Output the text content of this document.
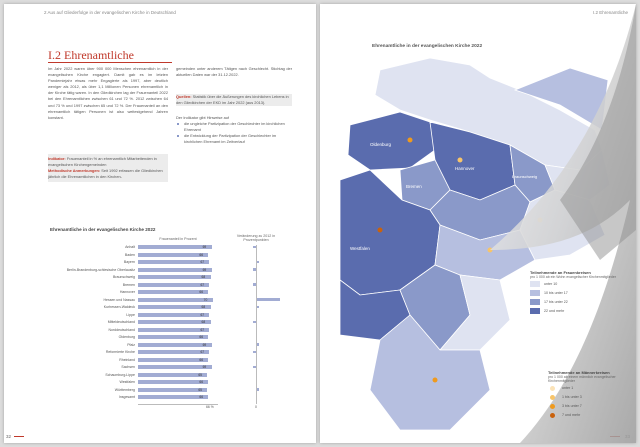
2 Aus auf Gliederfolge in der evangelischen Kirche in Deutschland
I.2 Ehrenamtliche
Im Jahr 2022 waren über 900 000 Menschen ehrenamtlich in der evangelischen Kirche engagiert. Damit gab es im letzten Pandemiejahr etwas mehr Engagierte als 1997, aber deutlich weniger als 2012, als über 1,1 Millionen Personen ehrenamtlich in der Kirche tätig waren. In den Gliedkirchen lag der Frauenanteil 2022 bei den Ehrenamtlichen zwischen 61 und 72 %. 2012 zwischen 64 und 73 % und 1997 zwischen 65 und 72 %. Der Frauenanteil an den ehrenamtlich tätigen Personen ist also weitestgehend Jahren konstant.
Indikator: Frauenanteil in % an ehrenamtlich Mitarbeitenden in evangelischen Kirchengemeinden
Methodische Anmerkungen: Seit 1992 erfassen die Gliedkirchen jährlich die Ehrenamtlichen in den Kirchen-
gemeinden unter anderem Tätigen nach Geschlecht. Stichtag der aktuellen Daten war der 31.12.2022.
Quellen: Statistik über die Äußerungen des kirchlichen Lebens in den Gliedkirchen der EKD im Jahr 2022 (aus 2013).
Der Indikator gibt Hinweise auf
die ungleiche Partizipation der Geschlechter im kirchlichen Ehrenamt
die Entwicklung der Partizipation der Geschlechter im kirchlichen Ehrenamt im Zeitverlauf
32
Ehrenamtliche in der evangelischen Kirche 2022
Frauenanteil in Prozent
Veränderung zu 2012 in Prozentpunkten
Anhalt	69
Baden	66
Bayern	67
Berlin-Brandenburg-schlesische Oberlausitz	69
Braunschweig	68
Bremen	67
Hannover	66
Hessen und Nassau	70
Kurhessen-Waldeck	68
Lippe	67
Mitteldeutschland	68
Norddeutschland	67
Oldenburg	66
Pfalz	69
Reformierte Kirche	67
Rheinland	66
Sachsen	69
Schaumburg-Lippe	65
Westfalen	66
Württemberg	65
Insgesamt	66
66 %	0
I.2 Ehrenamtliche
Ehrenamtliche in der evangelischen Kirche 2022
Oldenburg
Hannover
Bremen
Braunschweig
Westfalen
Teilnehmende an Frauenkreisen
pro 1 000 ab ein Wohn evangelischer Kirchenmitglieder
unter 10
10 bis unter 17
17 bis unter 22
22 und mehr
Teilnehmende an Männerkreisen
pro 1 000 ab einem männlich evangelischer Kirchenmitglieder
unter 1
1 bis unter 3
3 bis unter 7
7 und mehr
